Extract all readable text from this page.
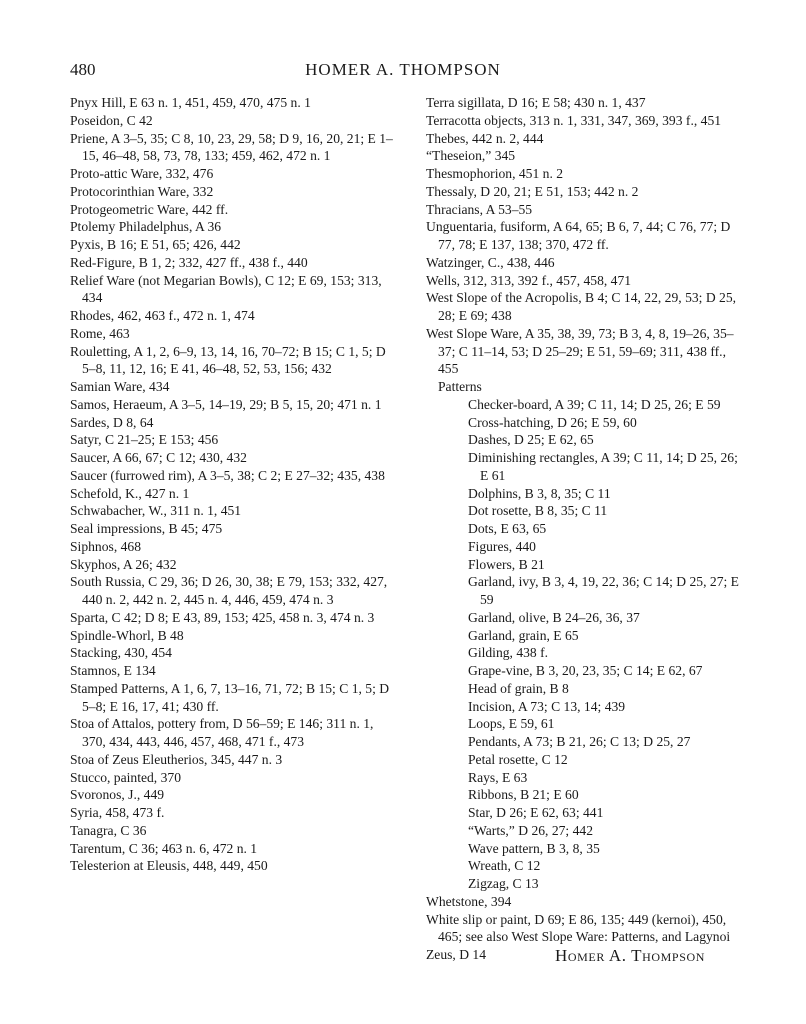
480	HOMER A. THOMPSON

Pnyx Hill, E 63 n. 1, 451, 459, 470, 475 n. 1

Poseidon, C 42

Priene, A 3–5, 35; C 8, 10, 23, 29, 58; D 9, 16, 20, 21; E 1–15, 46–48, 58, 73, 78, 133; 459, 462, 472 n. 1

Proto-attic Ware, 332, 476

Protocorinthian Ware, 332

Protogeometric Ware, 442 ff.

Ptolemy Philadelphus, A 36

Pyxis, B 16; E 51, 65; 426, 442

Red-Figure, B 1, 2; 332, 427 ff., 438 f., 440

Relief Ware (not Megarian Bowls), C 12; E 69, 153; 313, 434

Rhodes, 462, 463 f., 472 n. 1, 474

Rome, 463

Rouletting, A 1, 2, 6–9, 13, 14, 16, 70–72; B 15; C 1, 5; D 5–8, 11, 12, 16; E 41, 46–48, 52, 53, 156; 432

Samian Ware, 434

Samos, Heraeum, A 3–5, 14–19, 29; B 5, 15, 20; 471 n. 1

Sardes, D 8, 64

Satyr, C 21–25; E 153; 456

Saucer, A 66, 67; C 12; 430, 432

Saucer (furrowed rim), A 3–5, 38; C 2; E 27–32; 435, 438

Schefold, K., 427 n. 1

Schwabacher, W., 311 n. 1, 451

Seal impressions, B 45; 475

Siphnos, 468

Skyphos, A 26; 432

South Russia, C 29, 36; D 26, 30, 38; E 79, 153; 332, 427, 440 n. 2, 442 n. 2, 445 n. 4, 446, 459, 474 n. 3

Sparta, C 42; D 8; E 43, 89, 153; 425, 458 n. 3, 474 n. 3

Spindle-Whorl, B 48

Stacking, 430, 454

Stamnos, E 134

Stamped Patterns, A 1, 6, 7, 13–16, 71, 72; B 15; C 1, 5; D 5–8; E 16, 17, 41; 430 ff.

Stoa of Attalos, pottery from, D 56–59; E 146; 311 n. 1, 370, 434, 443, 446, 457, 468, 471 f., 473

Stoa of Zeus Eleutherios, 345, 447 n. 3

Stucco, painted, 370

Svoronos, J., 449

Syria, 458, 473 f.

Tanagra, C 36

Tarentum, C 36; 463 n. 6, 472 n. 1

Telesterion at Eleusis, 448, 449, 450

Terra sigillata, D 16; E 58; 430 n. 1, 437

Terracotta objects, 313 n. 1, 331, 347, 369, 393 f., 451

Thebes, 442 n. 2, 444

“Theseion,” 345

Thesmophorion, 451 n. 2

Thessaly, D 20, 21; E 51, 153; 442 n. 2

Thracians, A 53–55

Unguentaria, fusiform, A 64, 65; B 6, 7, 44; C 76, 77; D 77, 78; E 137, 138; 370, 472 ff.

Watzinger, C., 438, 446

Wells, 312, 313, 392 f., 457, 458, 471

West Slope of the Acropolis, B 4; C 14, 22, 29, 53; D 25, 28; E 69; 438

West Slope Ware, A 35, 38, 39, 73; B 3, 4, 8, 19–26, 35–37; C 11–14, 53; D 25–29; E 51, 59–69; 311, 438 ff., 455

Patterns

Checker-board, A 39; C 11, 14; D 25, 26; E 59

Cross-hatching, D 26; E 59, 60

Dashes, D 25; E 62, 65

Diminishing rectangles, A 39; C 11, 14; D 25, 26; E 61

Dolphins, B 3, 8, 35; C 11

Dot rosette, B 8, 35; C 11

Dots, E 63, 65

Figures, 440

Flowers, B 21

Garland, ivy, B 3, 4, 19, 22, 36; C 14; D 25, 27; E 59

Garland, olive, B 24–26, 36, 37

Garland, grain, E 65

Gilding, 438 f.

Grape-vine, B 3, 20, 23, 35; C 14; E 62, 67

Head of grain, B 8

Incision, A 73; C 13, 14; 439

Loops, E 59, 61

Pendants, A 73; B 21, 26; C 13; D 25, 27

Petal rosette, C 12

Rays, E 63

Ribbons, B 21; E 60

Star, D 26; E 62, 63; 441

“Warts,” D 26, 27; 442

Wave pattern, B 3, 8, 35

Wreath, C 12

Zigzag, C 13

Whetstone, 394

White slip or paint, D 69; E 86, 135; 449 (kernoi), 450, 465; see also West Slope Ware: Patterns, and Lagynoi

Zeus, D 14	Homer A. Thompson
